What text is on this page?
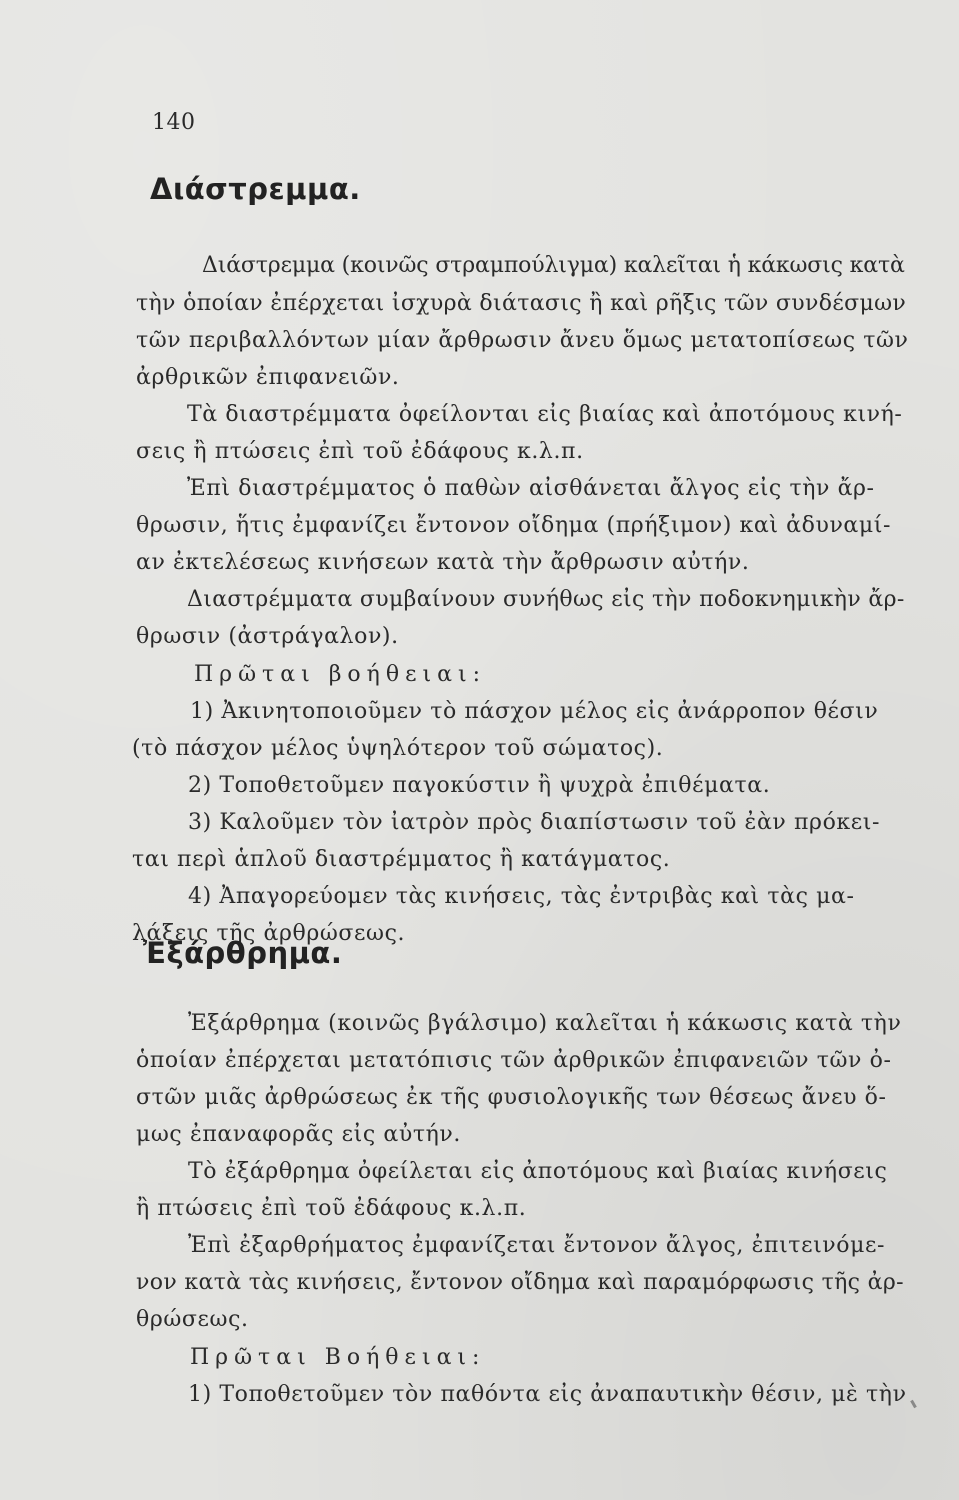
140
Διάστρεμμα.
Διάστρεμμα (κοινῶς στραμπούλιγμα) καλεῖται ἡ κάκωσις κατὰ
τὴν ὁποίαν ἐπέρχεται ἰσχυρὰ διάτασις ἢ καὶ ρῆξις τῶν συνδέσμων
τῶν περιβαλλόντων μίαν ἄρθρωσιν ἄνευ ὅμως μετατοπίσεως τῶν
ἀρθρικῶν ἐπιφανειῶν.
Τὰ διαστρέμματα ὀφείλονται εἰς βιαίας καὶ ἀποτόμους κινή-
σεις ἢ πτώσεις ἐπὶ τοῦ ἐδάφους κ.λ.π.
Ἐπὶ διαστρέμματος ὁ παθὼν αἰσθάνεται ἄλγος εἰς τὴν ἄρ-
θρωσιν, ἥτις ἐμφανίζει ἔντονον οἴδημα (πρήξιμον) καὶ ἀδυναμί-
αν ἐκτελέσεως κινήσεων κατὰ τὴν ἄρθρωσιν αὐτήν.
Διαστρέμματα συμβαίνουν συνήθως εἰς τὴν ποδοκνημικὴν ἄρ-
θρωσιν (ἀστράγαλον).
Πρῶται βοήθειαι:
1) Ἀκινητοποιοῦμεν τὸ πάσχον μέλος εἰς ἀνάρροπον θέσιν
(τὸ πάσχον μέλος ὑψηλότερον τοῦ σώματος).
2) Τοποθετοῦμεν παγοκύστιν ἢ ψυχρὰ ἐπιθέματα.
3) Καλοῦμεν τὸν ἰατρὸν πρὸς διαπίστωσιν τοῦ ἐὰν πρόκει-
ται περὶ ἁπλοῦ διαστρέμματος ἢ κατάγματος.
4) Ἀπαγορεύομεν τὰς κινήσεις, τὰς ἐντριβὰς καὶ τὰς μα-
λάξεις τῆς ἀρθρώσεως.
Ἐξάρθρημα.
Ἐξάρθρημα (κοινῶς βγάλσιμο) καλεῖται ἡ κάκωσις κατὰ τὴν
ὁποίαν ἐπέρχεται μετατόπισις τῶν ἀρθρικῶν ἐπιφανειῶν τῶν ὀ-
στῶν μιᾶς ἀρθρώσεως ἐκ τῆς φυσιολογικῆς των θέσεως ἄνευ ὅ-
μως ἐπαναφορᾶς εἰς αὐτήν.
Τὸ ἐξάρθρημα ὀφείλεται εἰς ἀποτόμους καὶ βιαίας κινήσεις
ἢ πτώσεις ἐπὶ τοῦ ἐδάφους κ.λ.π.
Ἐπὶ ἐξαρθρήματος ἐμφανίζεται ἔντονον ἄλγος, ἐπιτεινόμε-
νον κατὰ τὰς κινήσεις, ἔντονον οἴδημα καὶ παραμόρφωσις τῆς ἀρ-
θρώσεως.
Πρῶται Βοήθειαι:
1) Τοποθετοῦμεν τὸν παθόντα εἰς ἀναπαυτικὴν θέσιν, μὲ τὴν
